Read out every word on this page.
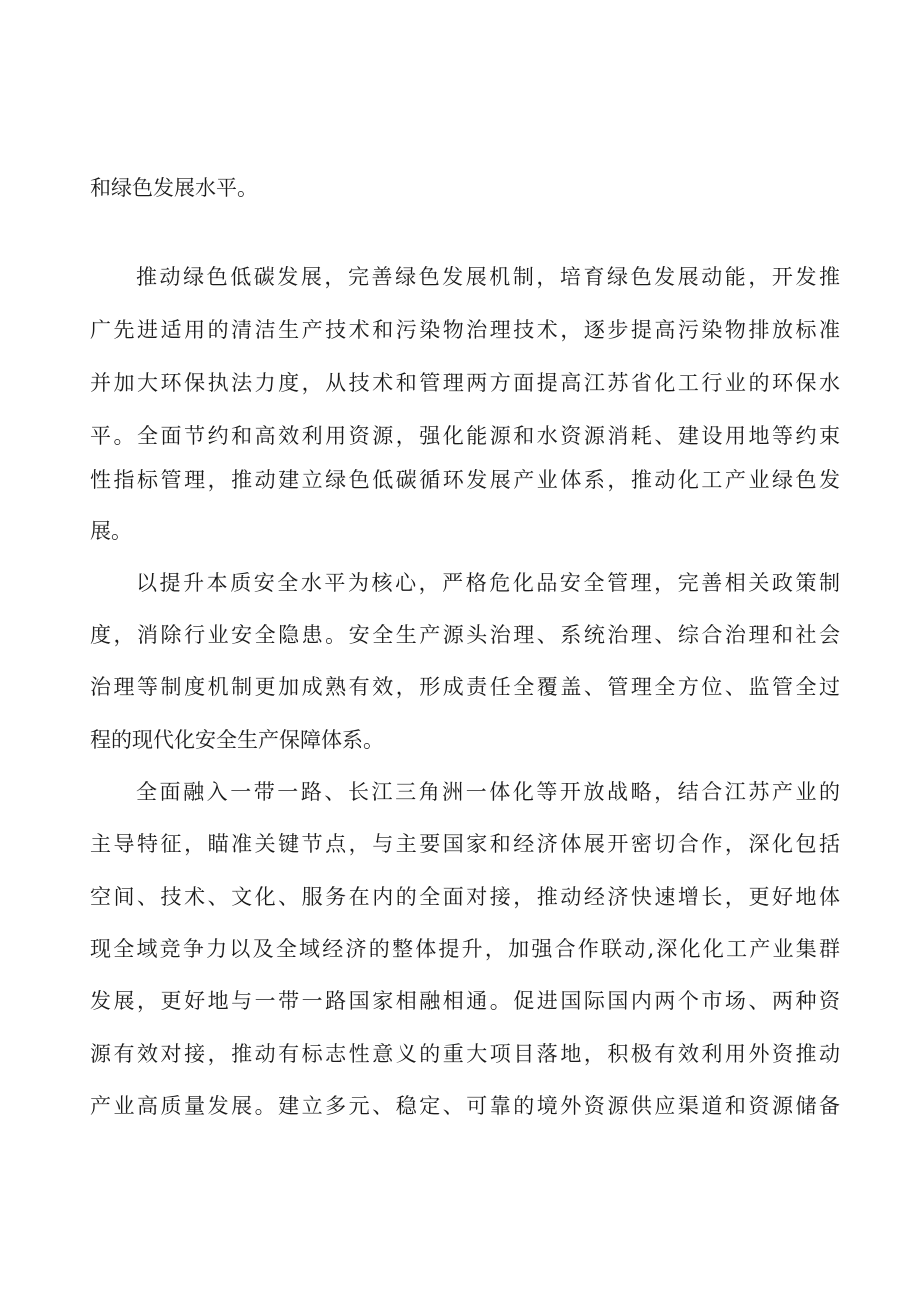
和绿色发展水平。
推动绿色低碳发展，完善绿色发展机制，培育绿色发展动能，开发推
广先进适用的清洁生产技术和污染物治理技术，逐步提高污染物排放标准
并加大环保执法力度，从技术和管理两方面提高江苏省化工行业的环保水
平。全面节约和高效利用资源，强化能源和水资源消耗、建设用地等约束
性指标管理，推动建立绿色低碳循环发展产业体系，推动化工产业绿色发
展。
以提升本质安全水平为核心，严格危化品安全管理，完善相关政策制
度，消除行业安全隐患。安全生产源头治理、系统治理、综合治理和社会
治理等制度机制更加成熟有效，形成责任全覆盖、管理全方位、监管全过
程的现代化安全生产保障体系。
全面融入一带一路、长江三角洲一体化等开放战略，结合江苏产业的
主导特征，瞄准关键节点，与主要国家和经济体展开密切合作，深化包括
空间、技术、文化、服务在内的全面对接，推动经济快速增长，更好地体
现全域竞争力以及全域经济的整体提升，加强合作联动,深化化工产业集群
发展，更好地与一带一路国家相融相通。促进国际国内两个市场、两种资
源有效对接，推动有标志性意义的重大项目落地，积极有效利用外资推动
产业高质量发展。建立多元、稳定、可靠的境外资源供应渠道和资源储备
